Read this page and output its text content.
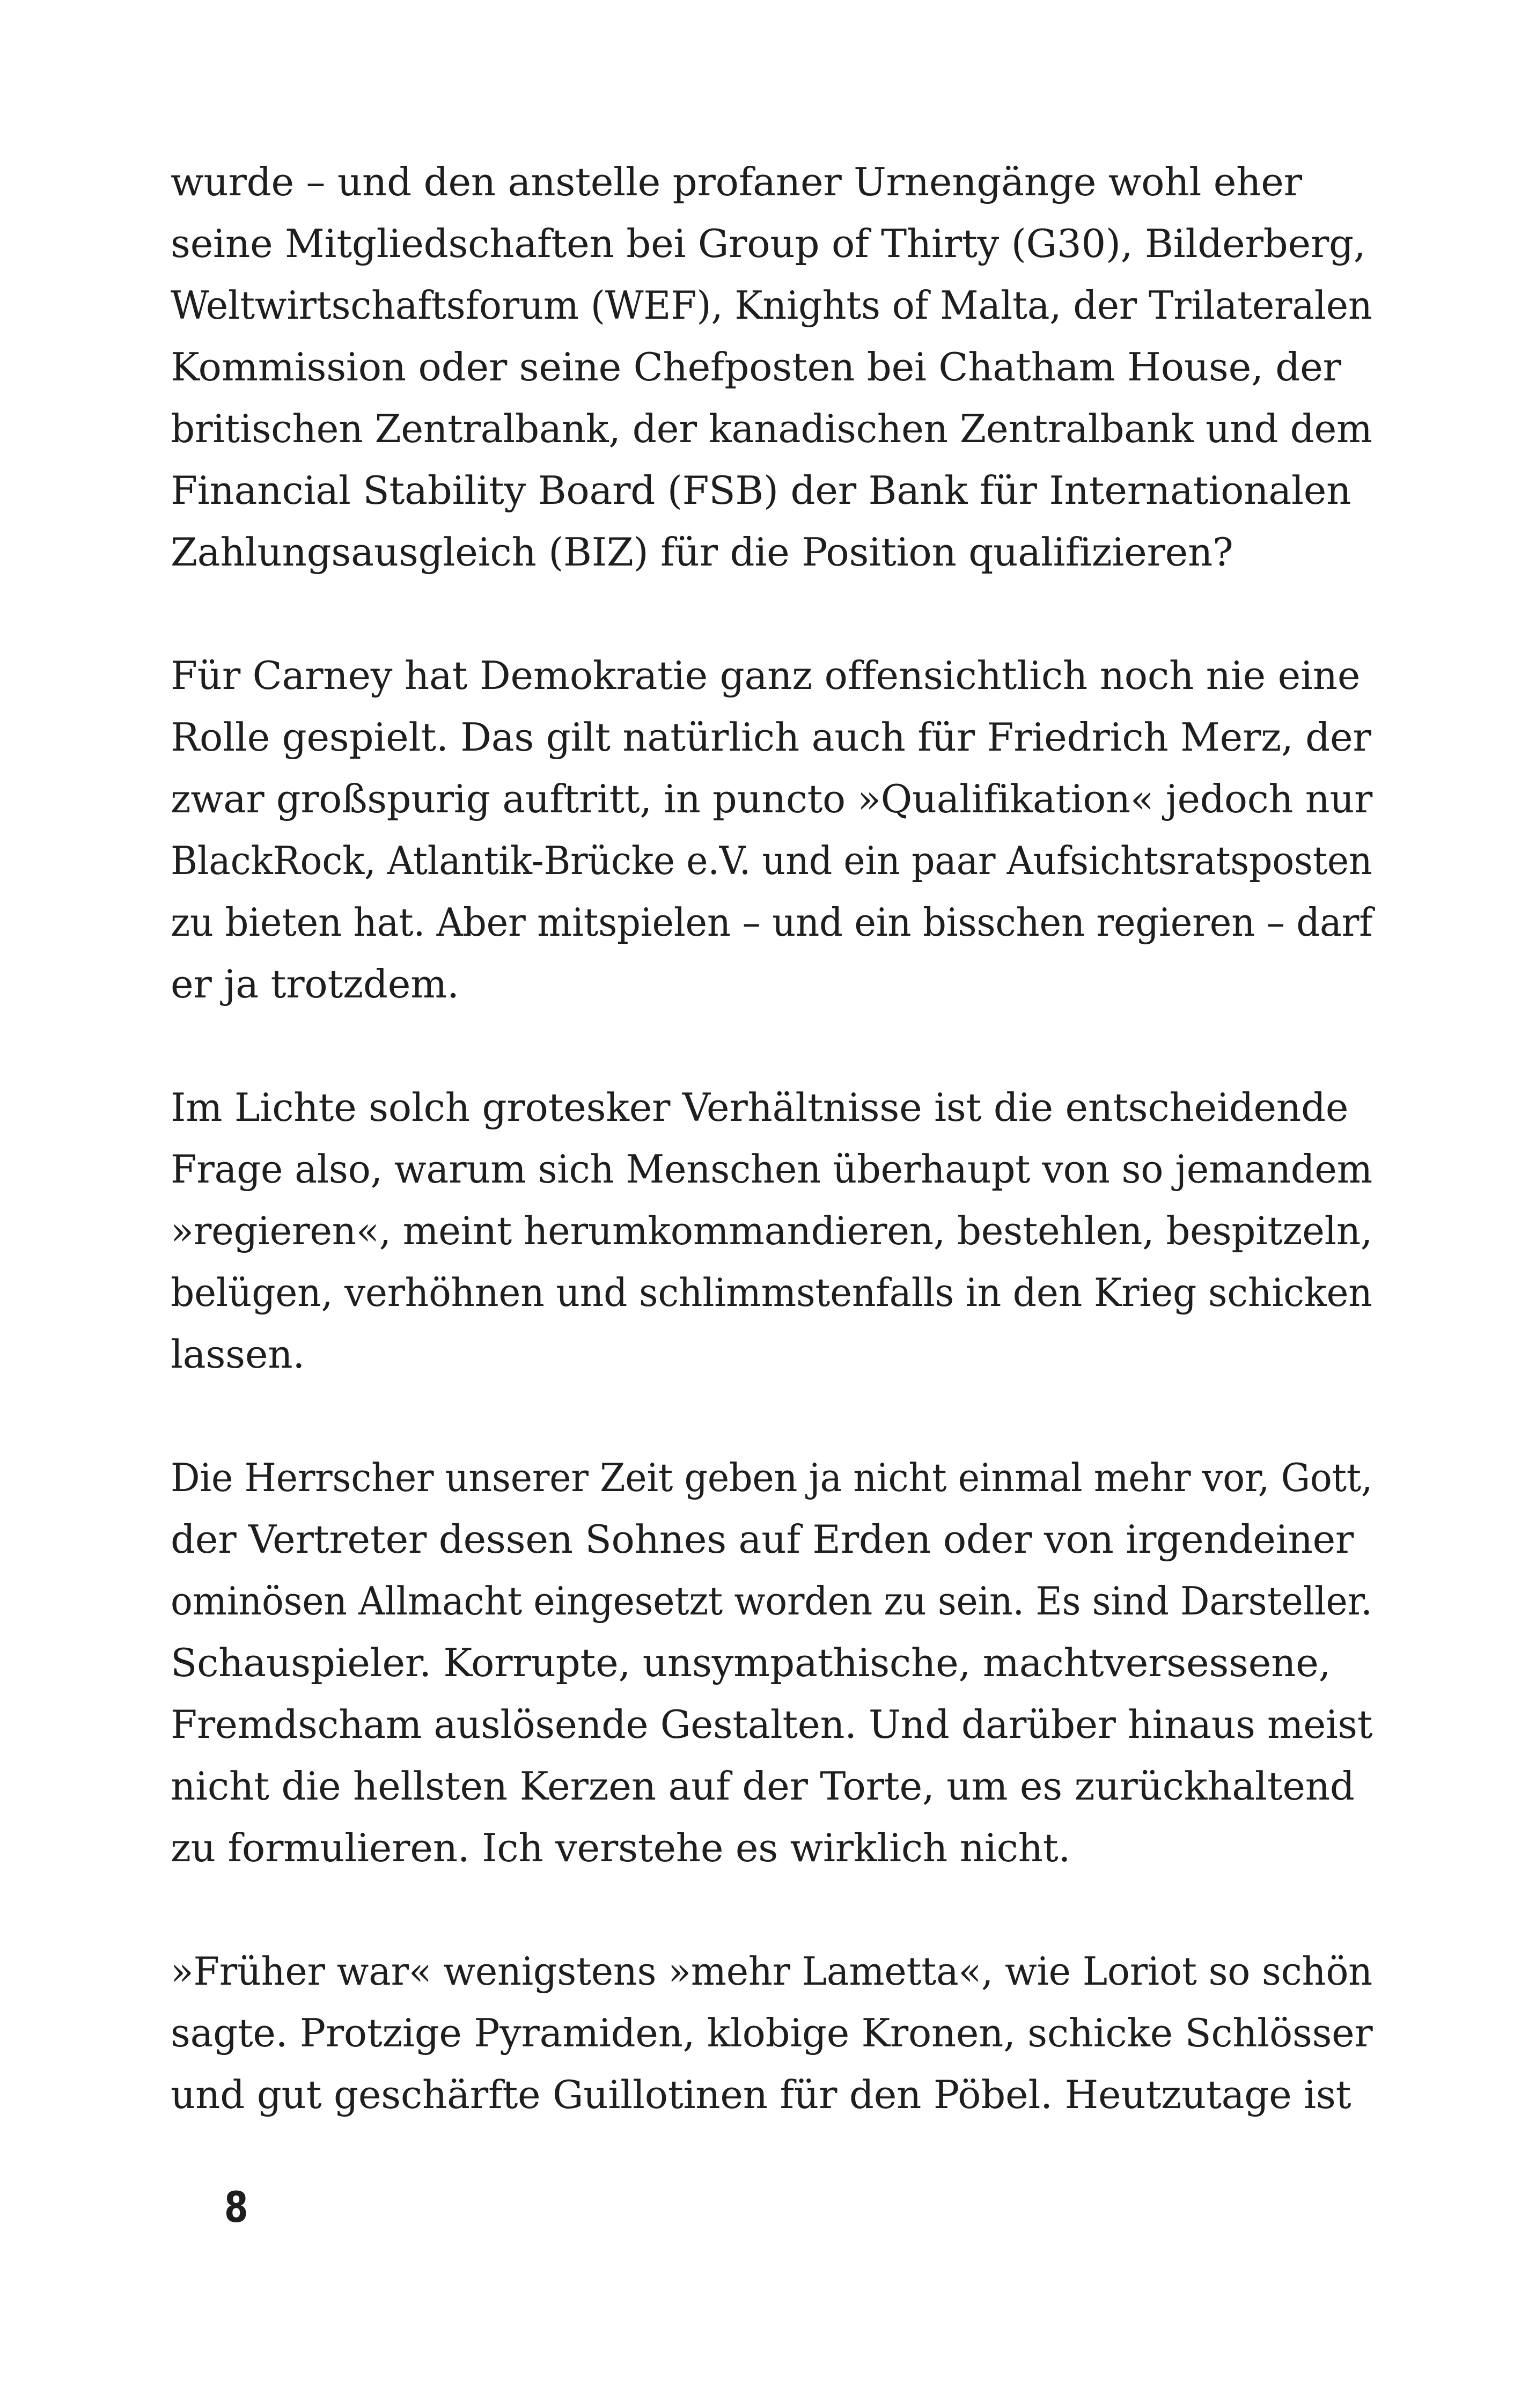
wurde – und den anstelle profaner Urnengänge wohl eher
seine Mitgliedschaften bei Group of Thirty (G30), Bilderberg,
Weltwirtschaftsforum (WEF), Knights of Malta, der Trilateralen
Kommission oder seine Chefposten bei Chatham House, der
britischen Zentralbank, der kanadischen Zentralbank und dem
Financial Stability Board (FSB) der Bank für Internationalen
Zahlungsausgleich (BIZ) für die Position qualifizieren?

Für Carney hat Demokratie ganz offensichtlich noch nie eine
Rolle gespielt. Das gilt natürlich auch für Friedrich Merz, der
zwar großspurig auftritt, in puncto »Qualifikation« jedoch nur
BlackRock, Atlantik-Brücke e.V. und ein paar Aufsichtsratsposten
zu bieten hat. Aber mitspielen – und ein bisschen regieren – darf
er ja trotzdem.

Im Lichte solch grotesker Verhältnisse ist die entscheidende
Frage also, warum sich Menschen überhaupt von so jemandem
»regieren«, meint herumkommandieren, bestehlen, bespitzeln,
belügen, verhöhnen und schlimmstenfalls in den Krieg schicken
lassen.

Die Herrscher unserer Zeit geben ja nicht einmal mehr vor, Gott,
der Vertreter dessen Sohnes auf Erden oder von irgendeiner
ominösen Allmacht eingesetzt worden zu sein. Es sind Darsteller.
Schauspieler. Korrupte, unsympathische, machtversessene,
Fremdscham auslösende Gestalten. Und darüber hinaus meist
nicht die hellsten Kerzen auf der Torte, um es zurückhaltend
zu formulieren. Ich verstehe es wirklich nicht.

»Früher war« wenigstens »mehr Lametta«, wie Loriot so schön
sagte. Protzige Pyramiden, klobige Kronen, schicke Schlösser
und gut geschärfte Guillotinen für den Pöbel. Heutzutage ist

8
